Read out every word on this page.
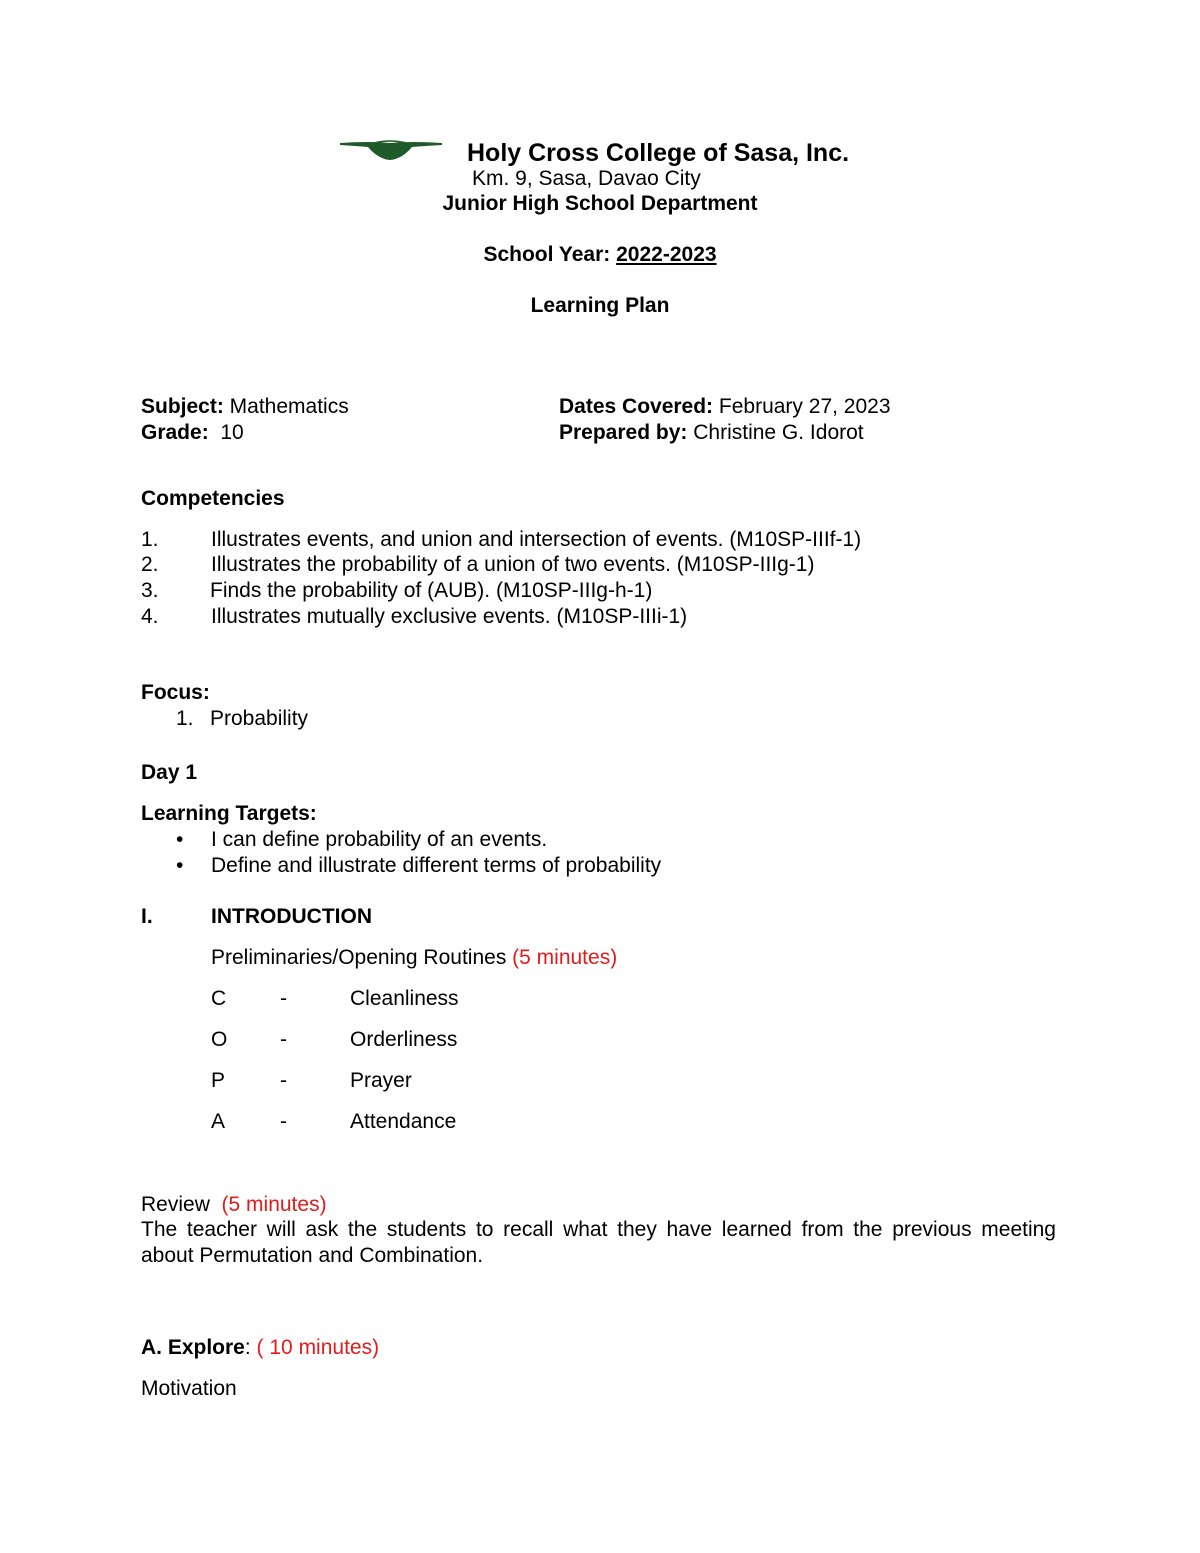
Holy Cross College of Sasa, Inc.
Km. 9, Sasa, Davao City
Junior High School Department
School Year: 2022-2023
Learning Plan
Subject: Mathematics
Grade:  10
Dates Covered: February 27, 2023
Prepared by: Christine G. Idorot
Competencies
1. Illustrates events, and union and intersection of events. (M10SP-IIIf-1)
2. Illustrates the probability of a union of two events. (M10SP-IIIg-1)
3. Finds the probability of (AUB). (M10SP-IIIg-h-1)
4. Illustrates mutually exclusive events. (M10SP-IIIi-1)
Focus:
1. Probability
Day 1
Learning Targets:
• I can define probability of an events.
• Define and illustrate different terms of probability
I.	INTRODUCTION
Preliminaries/Opening Routines (5 minutes)
C	-	Cleanliness
O	-	Orderliness
P	-	Prayer
A	-	Attendance
Review  (5 minutes)
The teacher will ask the students to recall what they have learned from the previous meeting about Permutation and Combination.
A. Explore: ( 10 minutes)
Motivation
